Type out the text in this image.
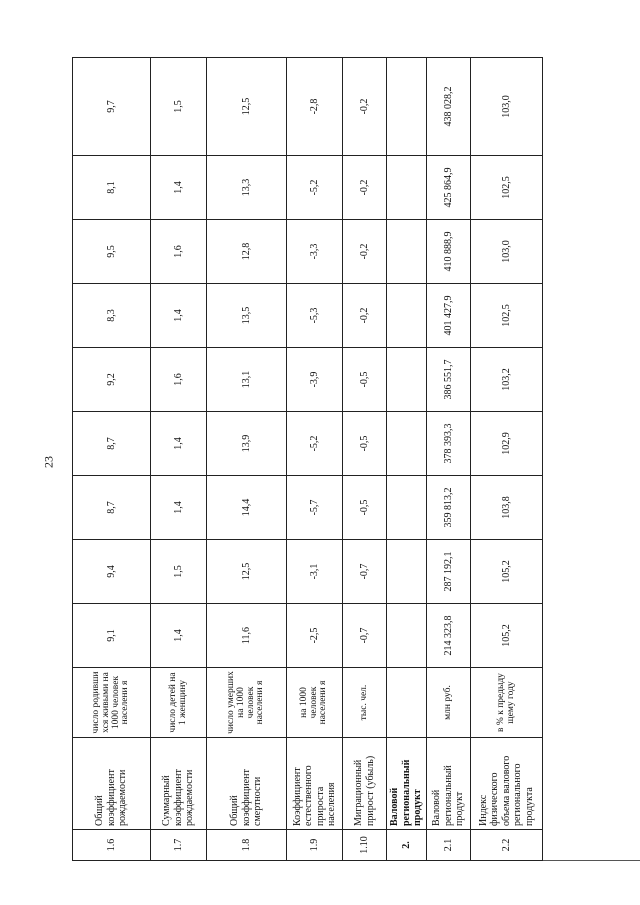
23
1.6	Общий коэффициент рождаемости	число родивши хся живыми на 1000 человек населени я	9,1	9,4	8,7	8,7	9,2	8,3	9,5	8,1	9,7
1.7	Суммарный коэффициент рождаемости	число детей на 1 женщину	1,4	1,5	1,4	1,4	1,6	1,4	1,6	1,4	1,5
1.8	Общий коэффициент смертности	число умерших на 1000 человек населени я	11,6	12,5	14,4	13,9	13,1	13,5	12,8	13,3	12,5
1.9	Коэффициент естественного прироста населения	на 1000 человек населени я	-2,5	-3,1	-5,7	-5,2	-3,9	-5,3	-3,3	-5,2	-2,8
1.10	Миграционный прирост (убыль)	тыс. чел.	-0,7	-0,7	-0,5	-0,5	-0,5	-0,2	-0,2	-0,2	-0,2
2.	Валовой региональный продукт										
2.1	Валовой региональный продукт	млн руб.	214 323,8	287 192,1	359 813,2	378 393,3	386 551,7	401 427,9	410 888,9	425 864,9	438 028,2
2.2	Индекс физического объема валового регионального продукта	в % к предыду щему году	105,2	105,2	103,8	102,9	103,2	102,5	103,0	102,5	103,0
